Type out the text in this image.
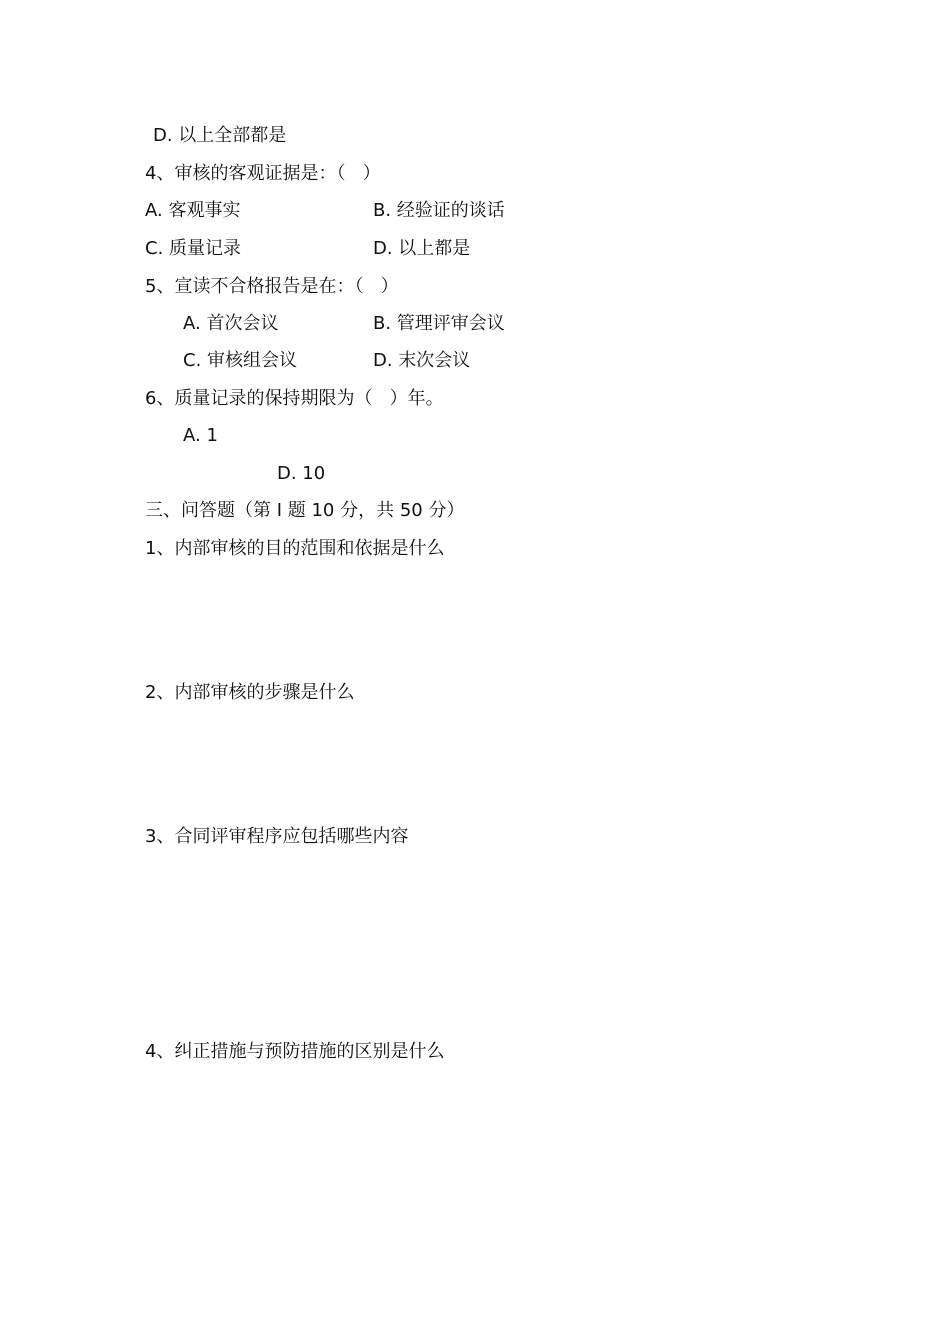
D. 以上全部都是
4、审核的客观证据是：（   ）
A. 客观事实	B. 经验证的谈话
C. 质量记录	D. 以上都是
5、宣读不合格报告是在：（   ）
A. 首次会议	B. 管理评审会议
C. 审核组会议	D. 末次会议
6、质量记录的保持期限为（   ）年。
A. 1
D. 10
三、问答题（第 I 题 10 分，共 50 分）
1、内部审核的目的范围和依据是什么
2、内部审核的步骤是什么
3、合同评审程序应包括哪些内容
4、纠正措施与预防措施的区别是什么
